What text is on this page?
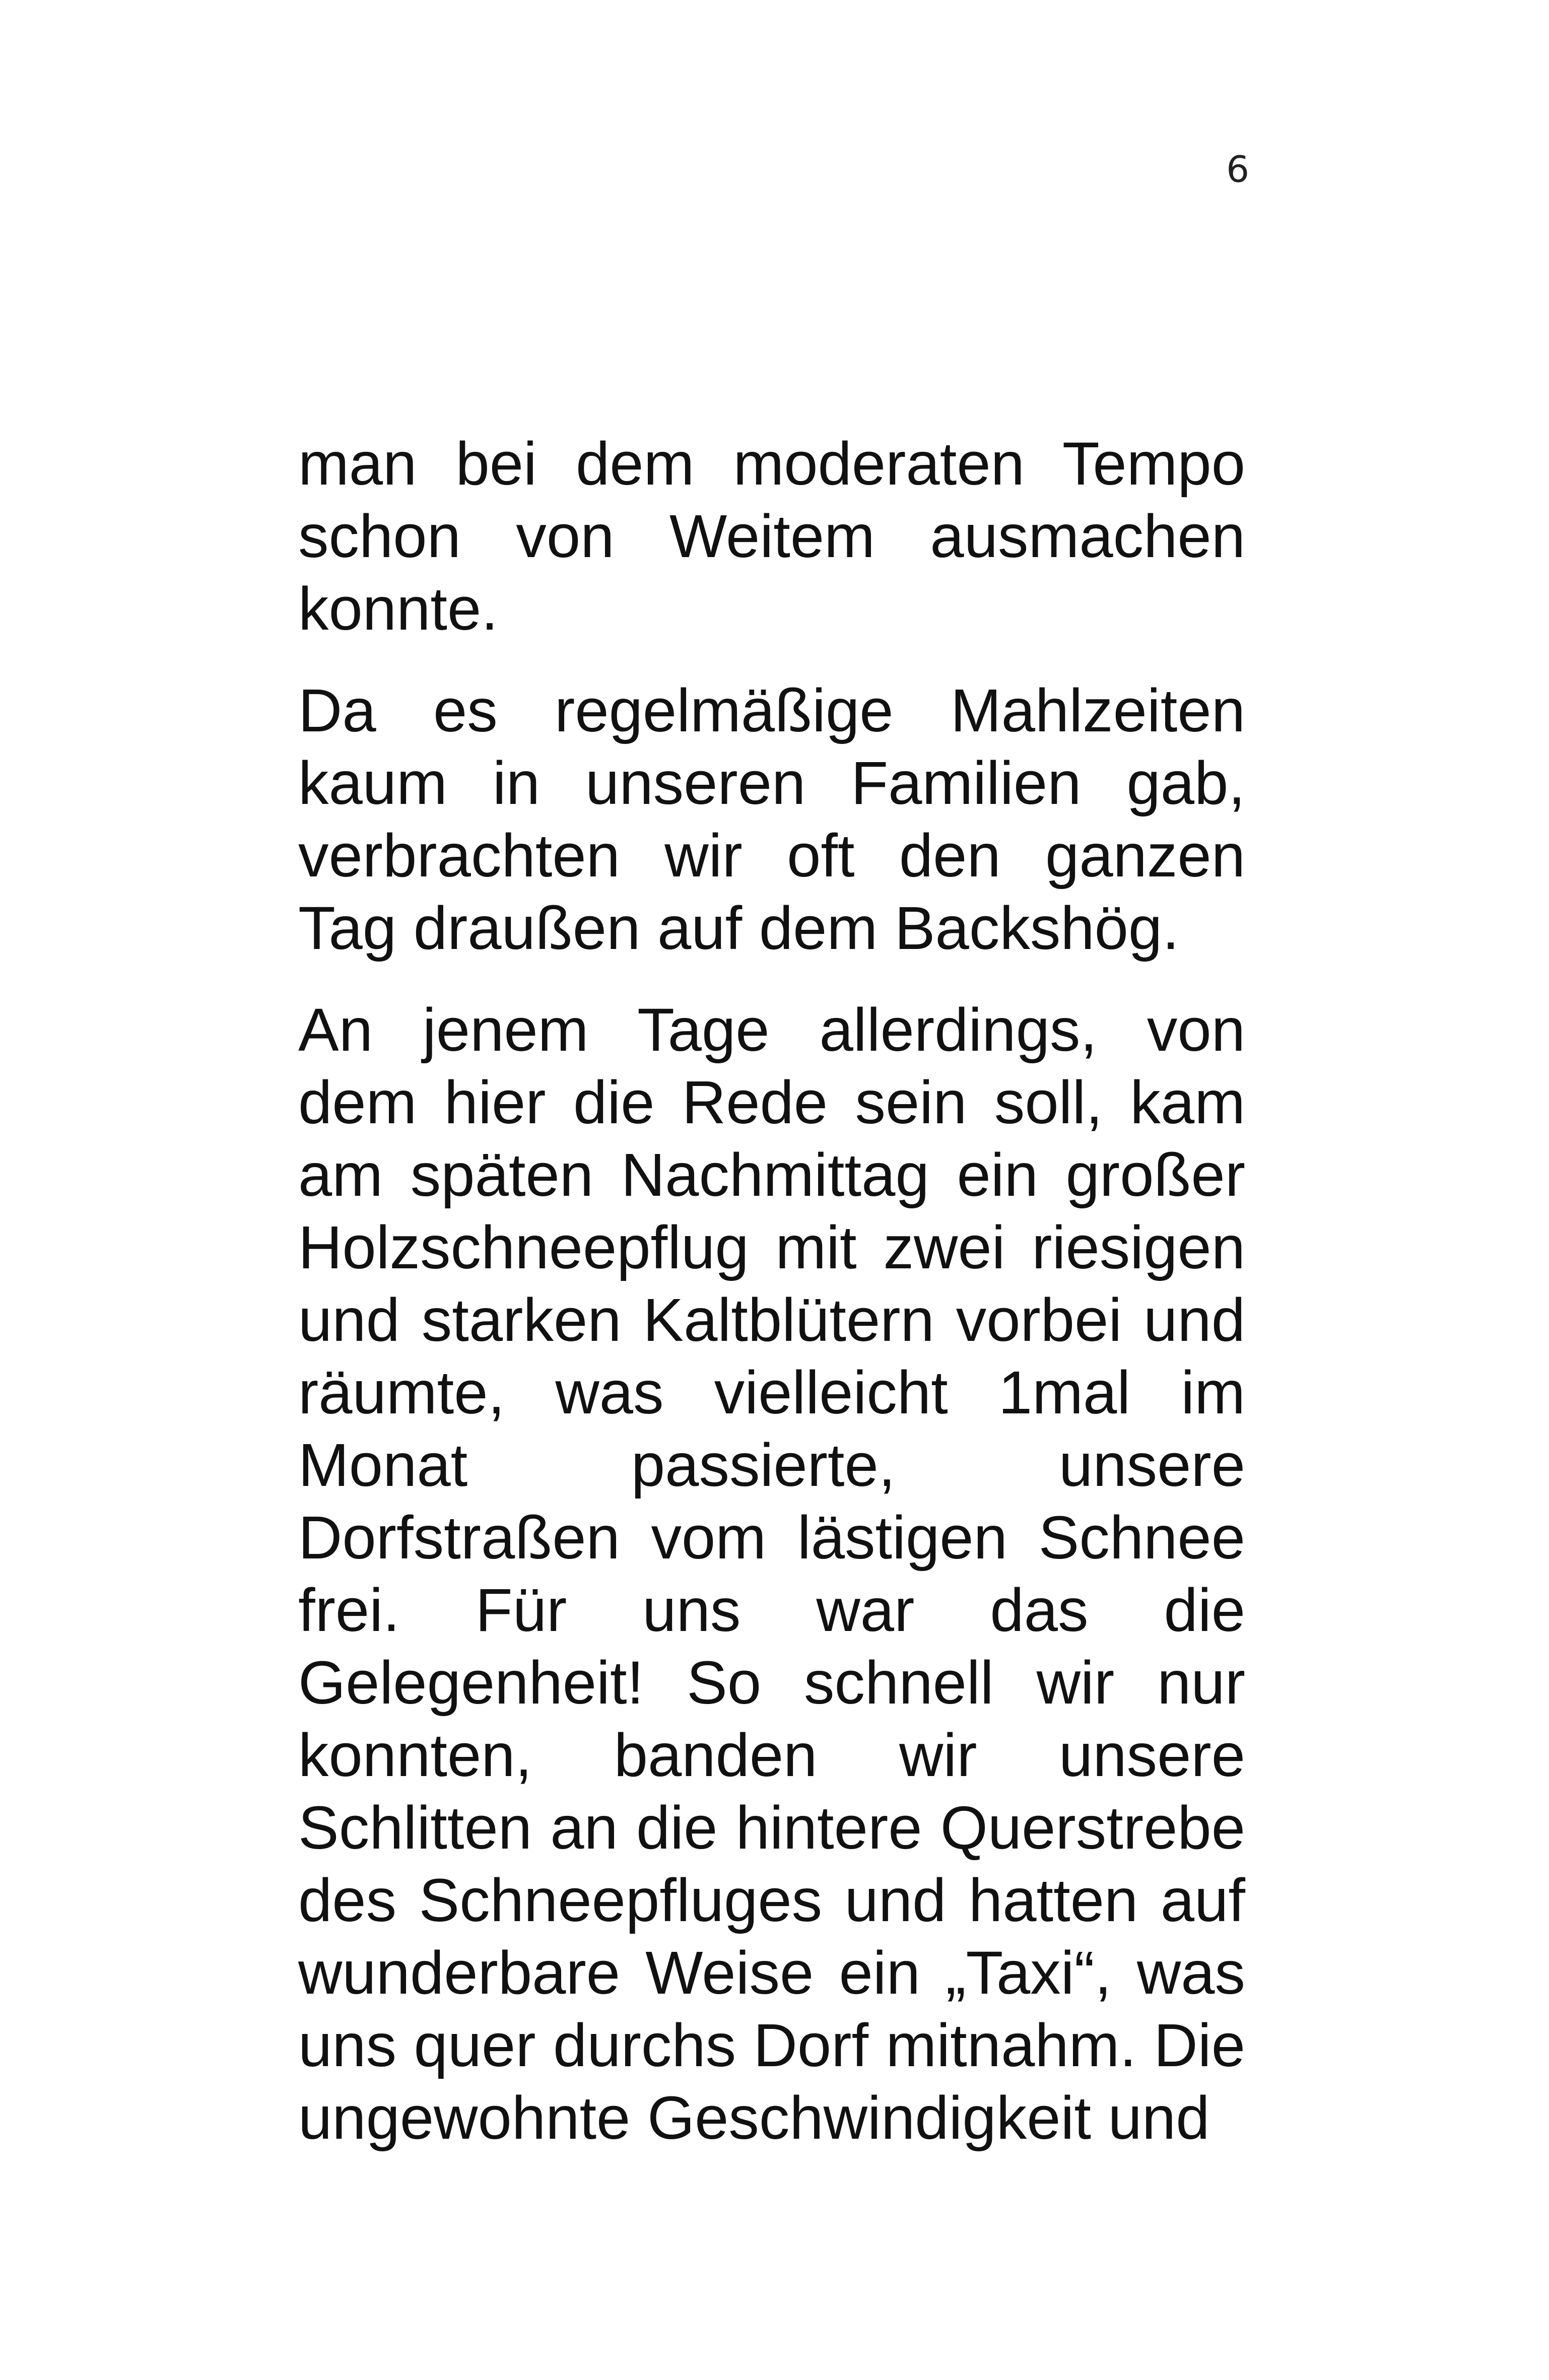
6

man bei dem moderaten Tempo schon von Weitem ausmachen konnte.

Da es regelmäßige Mahlzeiten kaum in unseren Familien gab, verbrachten wir oft den ganzen Tag draußen auf dem Backshög.

An jenem Tage allerdings, von dem hier die Rede sein soll, kam am späten Nachmittag ein großer Holzschneepflug mit zwei riesigen und starken Kaltblütern vorbei und räumte, was vielleicht 1mal im Monat passierte, unsere Dorfstraßen vom lästigen Schnee frei. Für uns war das die Gelegenheit! So schnell wir nur konnten, banden wir unsere Schlitten an die hintere Querstrebe des Schneepfluges und hatten auf wunderbare Weise ein „Taxi“, was uns quer durchs Dorf mitnahm. Die ungewohnte Geschwindigkeit und
